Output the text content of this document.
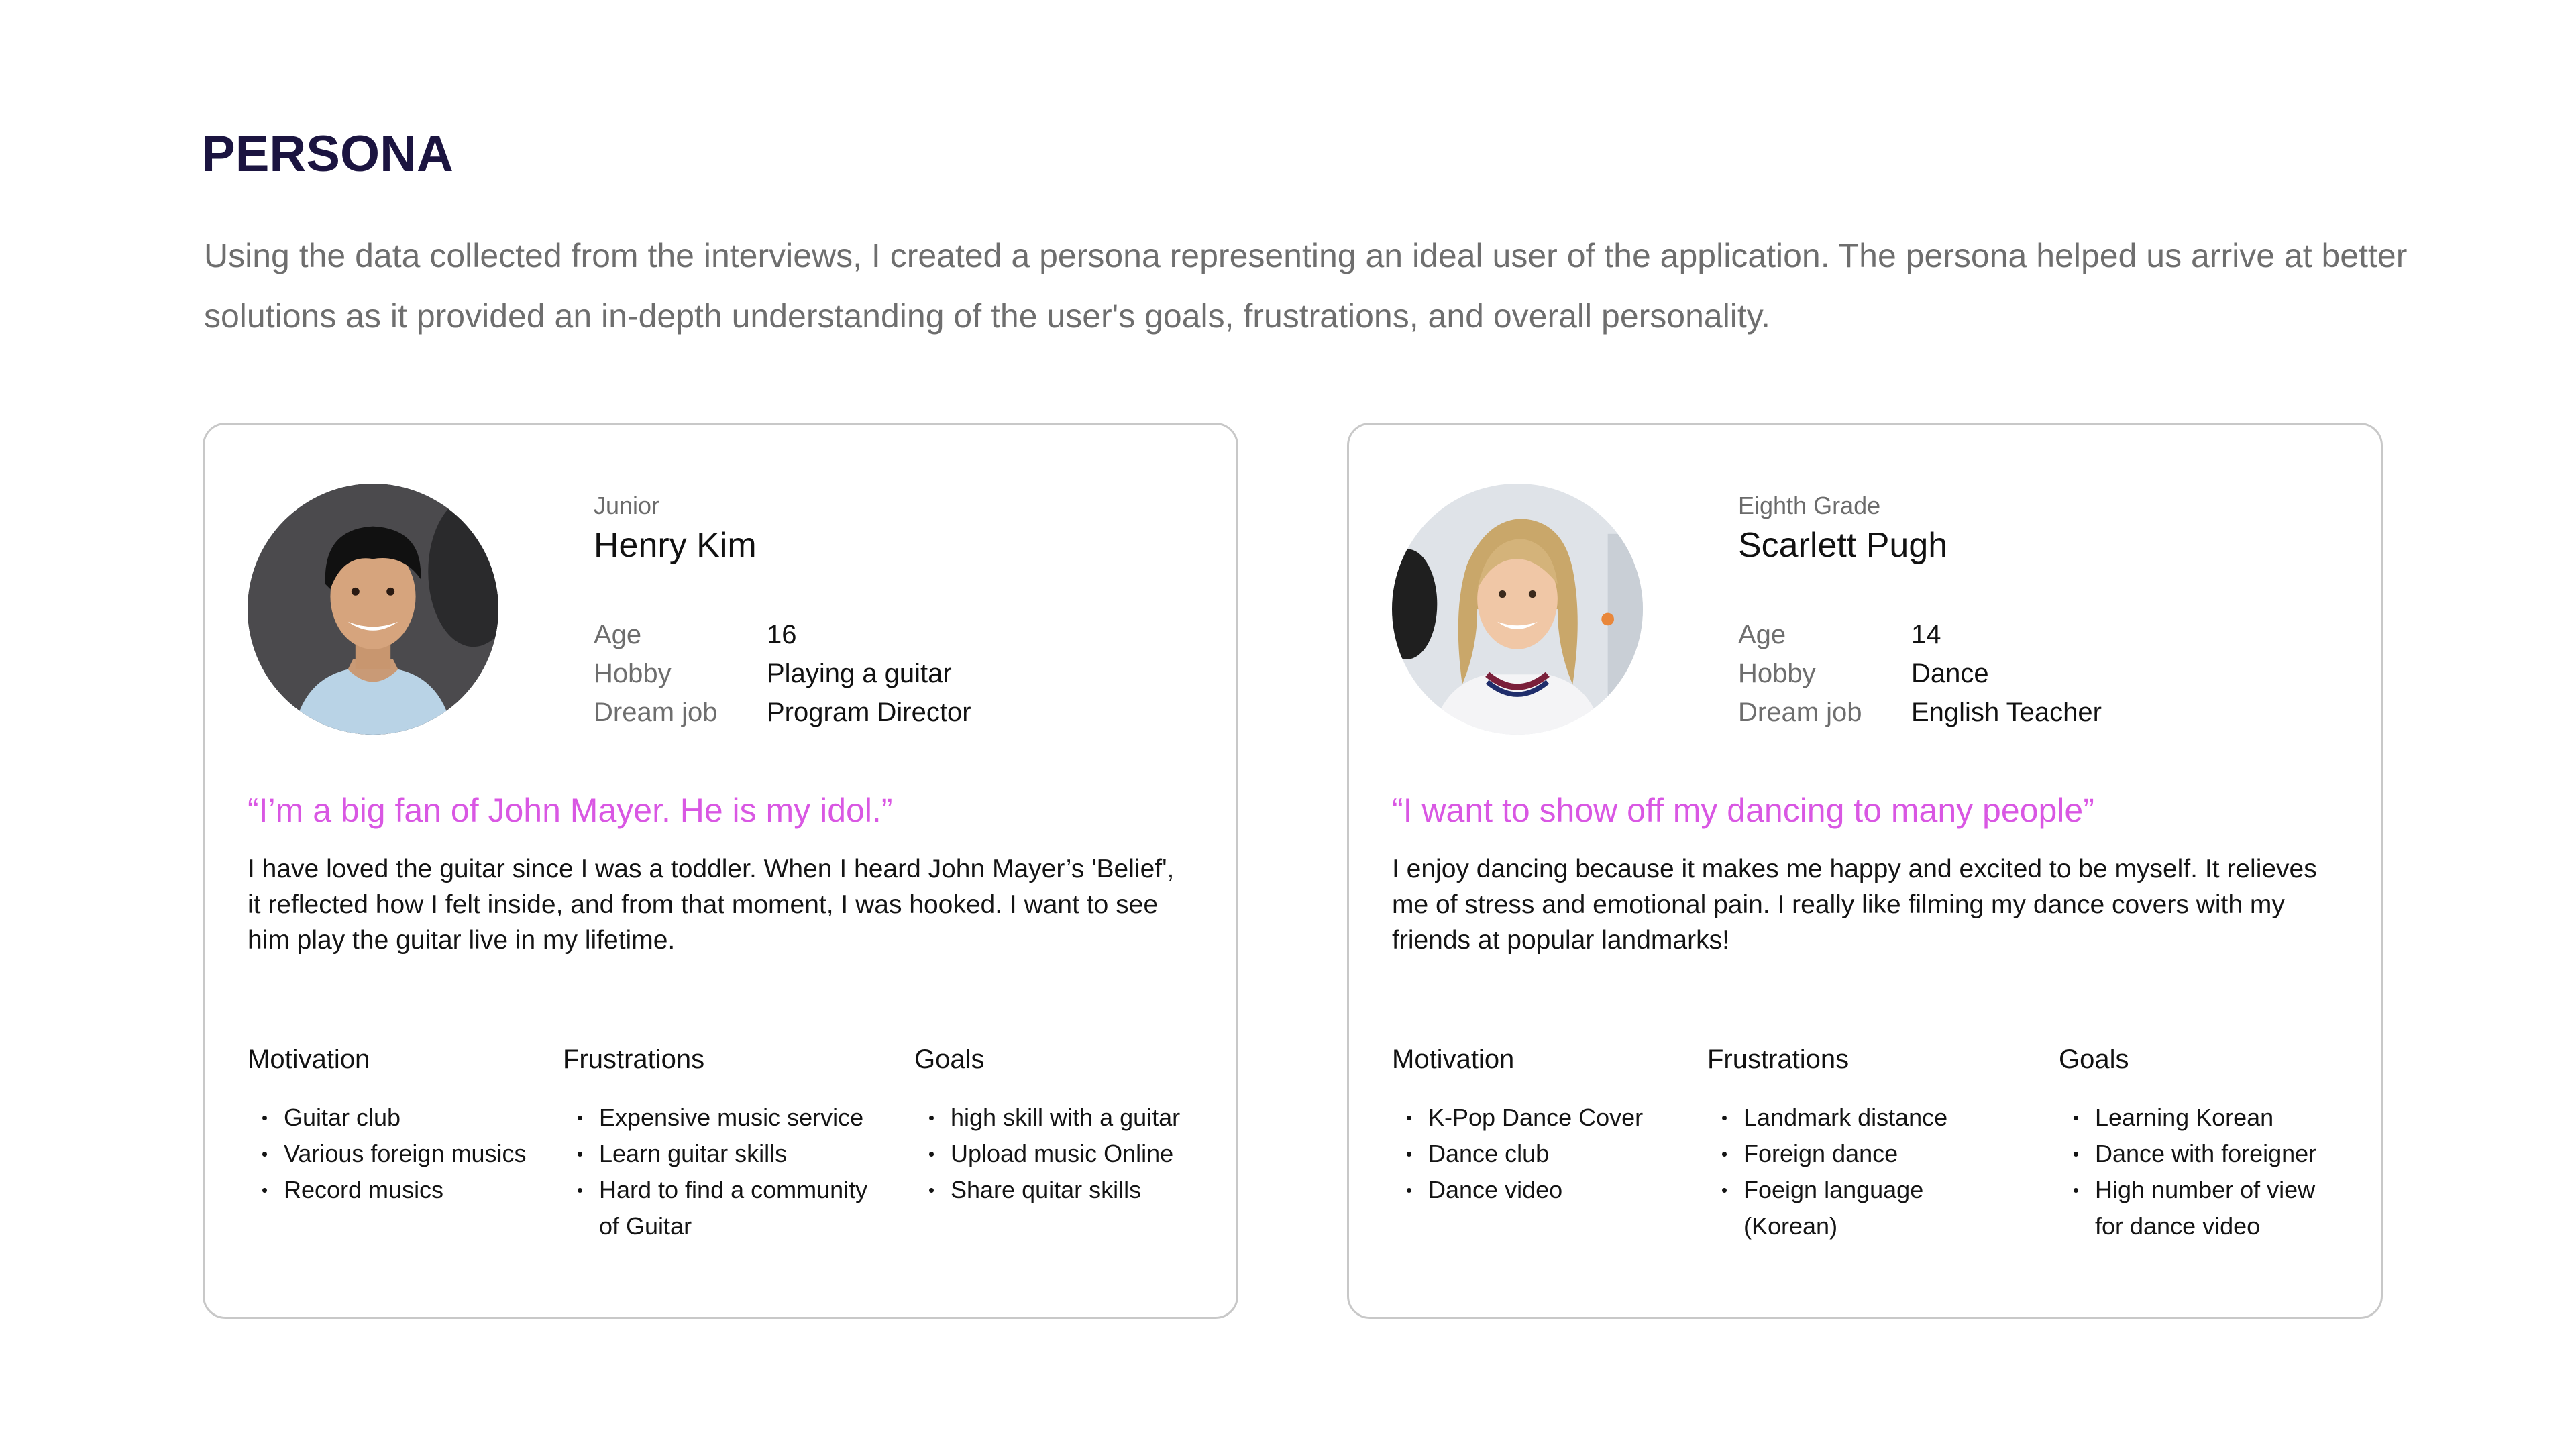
PERSONA

Using the data collected from the interviews, I created a persona representing an ideal user of the application. The persona helped us arrive at better solutions as it provided an in-depth understanding of the user's goals, frustrations, and overall personality.

Junior
Henry Kim
Age	16
Hobby	Playing a guitar
Dream job	Program Director
“I’m a big fan of John Mayer. He is my idol.”
I have loved the guitar since I was a toddler. When I heard John Mayer’s 'Belief', it reflected how I felt inside, and from that moment, I was hooked. I want to see him play the guitar live in my lifetime.
Motivation
Guitar club
Various foreign musics
Record musics
Frustrations
Expensive music service
Learn guitar skills
Hard to find a community
of Guitar
Goals
high skill with a guitar
Upload music Online
Share quitar skills
Eighth Grade
Scarlett Pugh
Age	14
Hobby	Dance
Dream job	English Teacher
“I want to show off my dancing to many people”
I enjoy dancing because it makes me happy and excited to be myself. It relieves me of stress and emotional pain. I really like filming my dance covers with my friends at popular landmarks!
Motivation
K-Pop Dance Cover
Dance club
Dance video
Frustrations
Landmark distance
Foreign dance
Foeign language
(Korean)
Goals
Learning Korean
Dance with foreigner
High number of view
for dance video
